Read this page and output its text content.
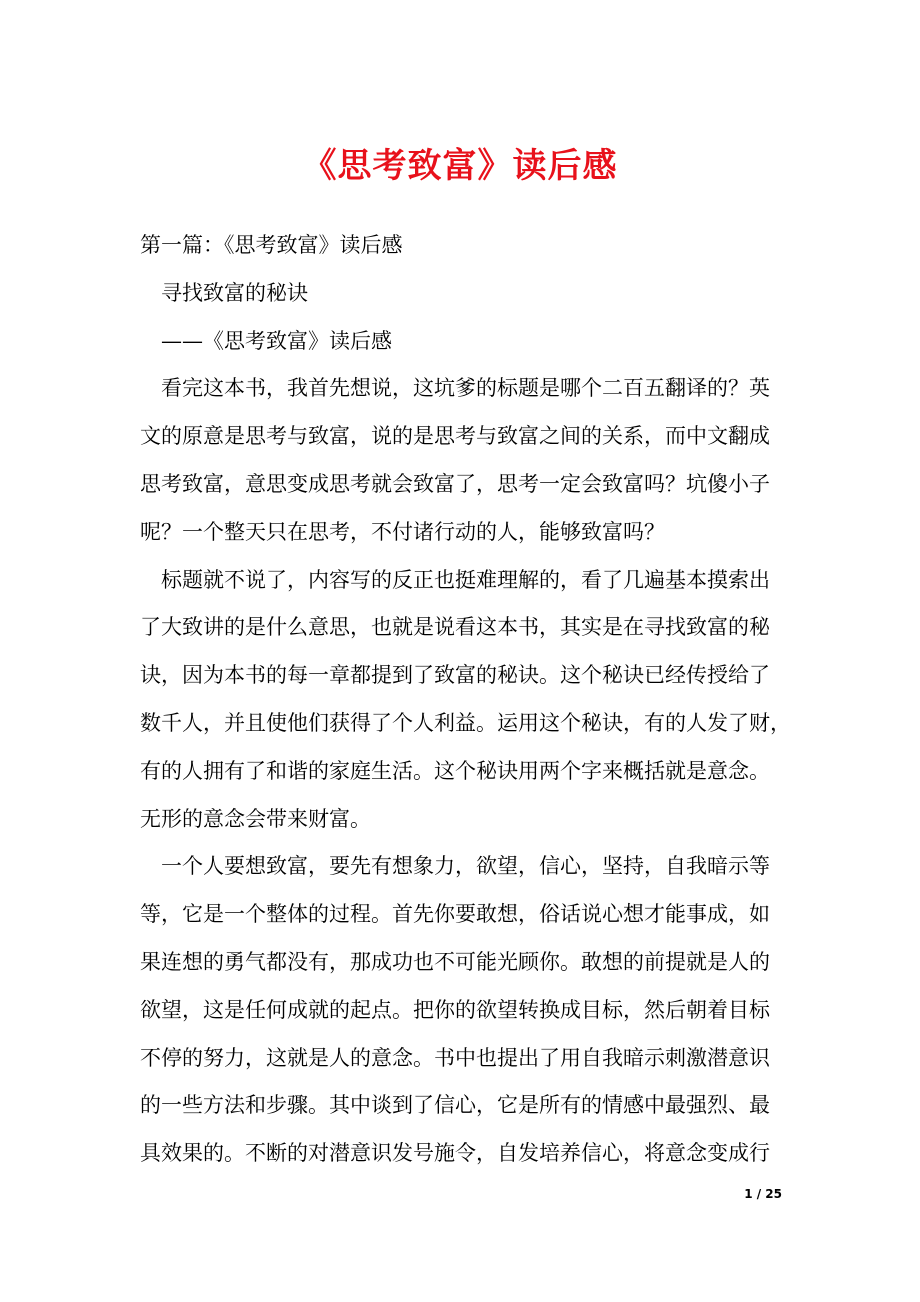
《思考致富》读后感
第一篇：《思考致富》读后感
寻找致富的秘诀
——《思考致富》读后感
看完这本书，我首先想说，这坑爹的标题是哪个二百五翻译的？英
文的原意是思考与致富，说的是思考与致富之间的关系，而中文翻成
思考致富，意思变成思考就会致富了，思考一定会致富吗？坑傻小子
呢？一个整天只在思考，不付诸行动的人，能够致富吗？
标题就不说了，内容写的反正也挺难理解的，看了几遍基本摸索出
了大致讲的是什么意思，也就是说看这本书，其实是在寻找致富的秘
诀，因为本书的每一章都提到了致富的秘诀。这个秘诀已经传授给了
数千人，并且使他们获得了个人利益。运用这个秘诀，有的人发了财，
有的人拥有了和谐的家庭生活。这个秘诀用两个字来概括就是意念。
无形的意念会带来财富。
一个人要想致富，要先有想象力，欲望，信心，坚持，自我暗示等
等，它是一个整体的过程。首先你要敢想，俗话说心想才能事成，如
果连想的勇气都没有，那成功也不可能光顾你。敢想的前提就是人的
欲望，这是任何成就的起点。把你的欲望转换成目标，然后朝着目标
不停的努力，这就是人的意念。书中也提出了用自我暗示刺激潜意识
的一些方法和步骤。其中谈到了信心，它是所有的情感中最强烈、最
具效果的。不断的对潜意识发号施令，自发培养信心，将意念变成行
1 / 25
